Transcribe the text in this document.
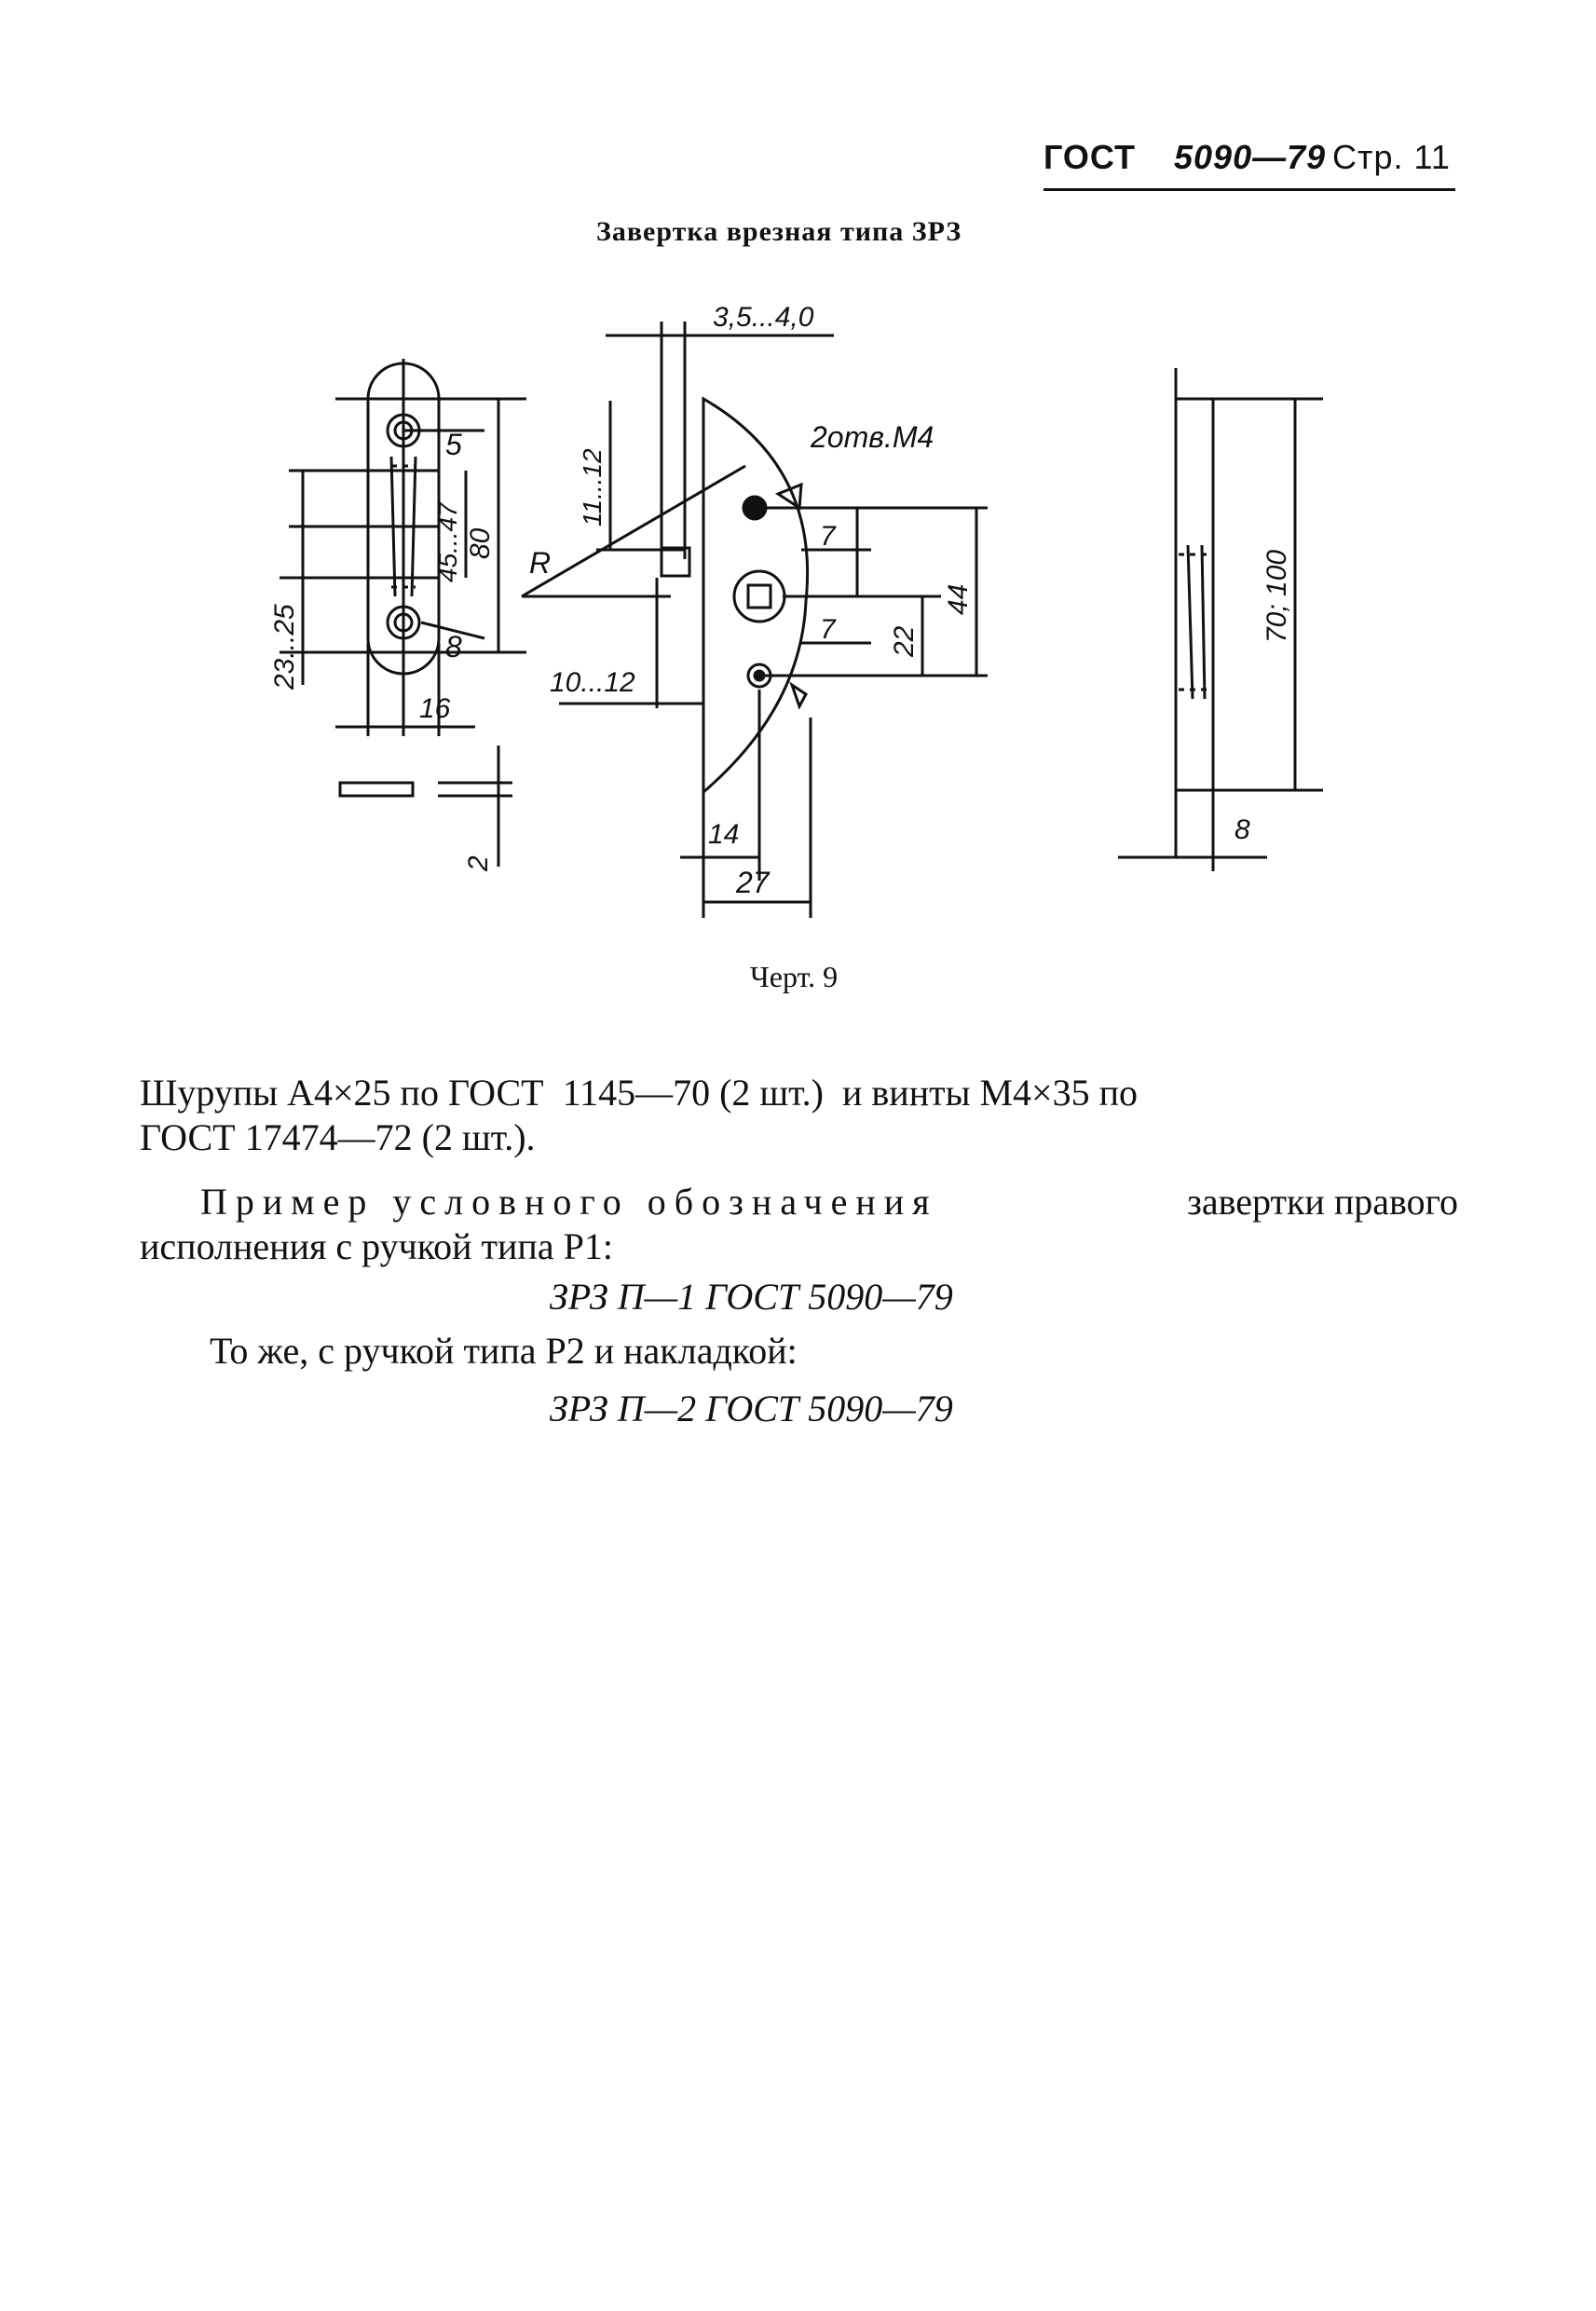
ГОСТ 5090—79 Стр. 11
Завертка врезная типа ЗРЗ
3,5...4,0
2отв.М4
5
45...47 80
8
23...25
16
2
11...12
R
10...12
7
7 22
44
14
27
70; 100
8
Черт. 9
Шурупы А4×25 по ГОСТ  1145—70 (2 шт.)  и винты М4×35 по
ГОСТ 17474—72 (2 шт.).
Пример условного обозначения	завертки правого
исполнения с ручкой типа Р1:
ЗРЗ П—1 ГОСТ 5090—79
То же, с ручкой типа Р2 и накладкой:
ЗРЗ П—2 ГОСТ 5090—79
